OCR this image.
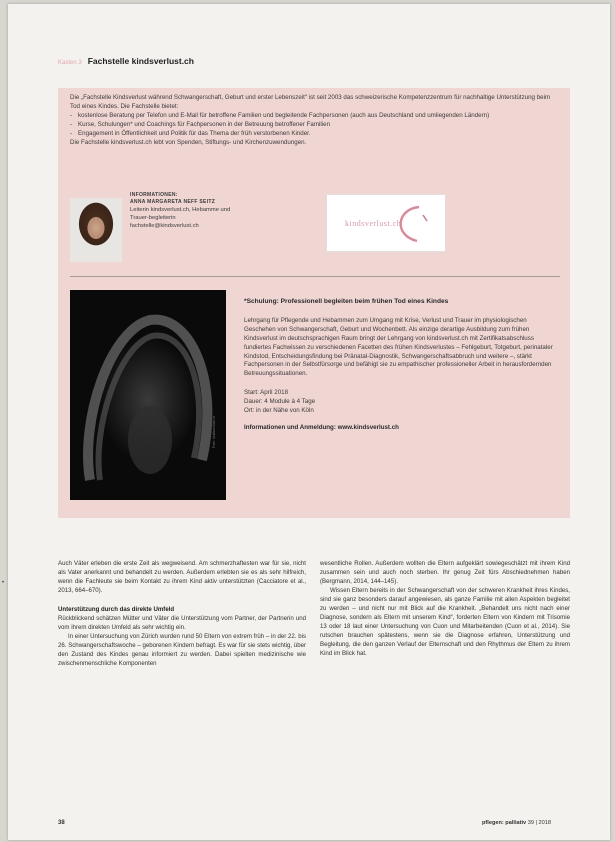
Kasten 3 Fachstelle kindsverlust.ch

Die „Fachstelle Kindsverlust während Schwangerschaft, Geburt und erster Lebenszeit“ ist seit 2003 das schweizerische Kompetenzzentrum für nachhaltige Unterstützung beim Tod eines Kindes. Die Fachstelle bietet:

- kostenlose Beratung per Telefon und E-Mail für betroffene Familien und begleitende Fachpersonen (auch aus Deutschland und umliegenden Ländern)
- Kurse, Schulungen* und Coachings für Fachpersonen in der Betreuung betroffener Familien
- Engagement in Öffentlichkeit und Politik für das Thema der früh verstorbenen Kinder.

Die Fachstelle kindsverlust.ch lebt von Spenden, Stiftungs- und Kirchenzuwendungen.

INFORMATIONEN:
ANNA MARGARETA NEFF SEITZ
Leiterin kindsverlust.ch, Hebamme und Trauer-begleiterin
fachstelle@kindsverlust.ch	kindsverlust.ch
Foto: kindsverlust.ch
*Schulung: Professionell begleiten beim frühen Tod eines Kindes
Lehrgang für Pflegende und Hebammen zum Umgang mit Krise, Verlust und Trauer im physiologischen Geschehen von Schwangerschaft, Geburt und Wochenbett. Als einzige derartige Ausbildung zum frühen Kindsverlust im deutschsprachigen Raum bringt der Lehrgang von kindsverlust.ch mit Zertifikatsabschluss fundiertes Fachwissen zu verschiedenen Facetten des frühen Kindsverlustes – Fehlgeburt, Totgeburt, perinataler Kindstod, Entscheidungsfindung bei Pränatal-Diagnostik, Schwangerschaftsabbruch und weitere –, stärkt Fachpersonen in der Selbstfürsorge und befähigt sie zu empathischer professioneller Arbeit in herausfordernden Betreuungssituationen.
Start: April 2018
Dauer: 4 Module à 4 Tage
Ort: in der Nähe von Köln
Informationen und Anmeldung: www.kindsverlust.ch

Auch Väter erleben die erste Zeit als wegweisend. Am schmerzhaftesten war für sie, nicht als Vater anerkannt und behandelt zu werden. Außerdem erlebten sie es als sehr hilfreich, wenn die Fachleute sie beim Kontakt zu ihrem Kind aktiv unterstützten (Cacciatore et al., 2013, 664–670).

Unterstützung durch das direkte Umfeld

Rückblickend schätzen Mütter und Väter die Unterstützung vom Partner, der Partnerin und vom ihrem direkten Umfeld als sehr wichtig ein.

In einer Untersuchung von Zürich wurden rund 50 Eltern von extrem früh – in der 22. bis 26. Schwangerschaftswoche – geborenen Kindern befragt. Es war für sie stets wichtig, über den Zustand des Kindes genau informiert zu werden. Dabei spielten medizinische wie zwischenmenschliche Komponenten

wesentliche Rollen. Außerdem wollten die Eltern aufgeklärt sowiegeschätzt mit ihrem Kind zusammen sein und auch noch sterben. Ihr genug Zeit fürs Abschiednehmen haben (Bergmann, 2014, 144–145).

Wissen Eltern bereits in der Schwangerschaft von der schweren Krankheit ihres Kindes, sind sie ganz besonders darauf angewiesen, als ganze Familie mit allen Aspekten begleitet zu werden – und nicht nur mit Blick auf die Krankheit. „Behandelt uns nicht nach einer Diagnose, sondern als Eltern mit unserem Kind“, forderten Eltern von Kindern mit Trisomie 13 oder 18 laut einer Untersuchung von Cuon und Mitarbeitenden (Cuon et al., 2014). Sie rutschen brauchen spätestens, wenn sie die Diagnose erfahren, Unterstützung und Begleitung, die den ganzen Verlauf der Elternschaft und den Rhythmus der Eltern zu ihrem Kind im Blick hat.

38	pflegen: palliativ 39 | 2018
•
